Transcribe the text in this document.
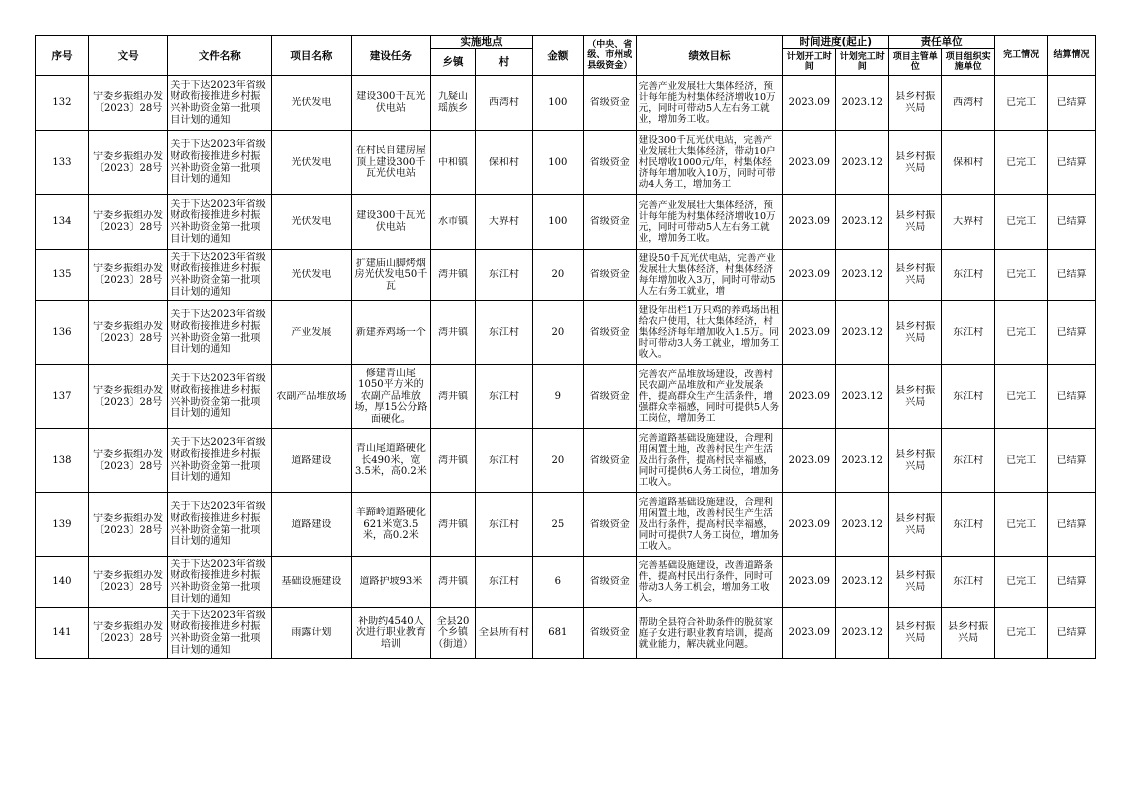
序号	文号	文件名称	项目名称	建设任务	实施地点		金额	（中央、省级、市州或县级资金）	绩效目标	时间进度(起止)		责任单位		完工情况	结算情况
					乡镇	村				计划开工时间	计划完工时间	项目主管单位	项目组织实施单位		

132	宁委乡振组办发〔2023〕28号	关于下达2023年省级财政衔接推进乡村振兴补助资金第一批项目计划的通知	光伏发电	建设300千瓦光伏电站	九疑山瑶族乡	西湾村	100	省级资金	完善产业发展壮大集体经济，预计每年能为村集体经济增收10万元，同时可带动5人左右务工就业，增加务工收。	2023.09	2023.12	县乡村振兴局	西湾村	已完工	已结算

133	宁委乡振组办发〔2023〕28号	关于下达2023年省级财政衔接推进乡村振兴补助资金第一批项目计划的通知	光伏发电	在村民自建房屋顶上建设300千瓦光伏电站	中和镇	保和村	100	省级资金	建设300千瓦光伏电站，完善产业发展壮大集体经济，带动10户村民增收1000元/年，村集体经济每年增加收入10万，同时可带动4人务工，增加务工	2023.09	2023.12	县乡村振兴局	保和村	已完工	已结算

134	宁委乡振组办发〔2023〕28号	关于下达2023年省级财政衔接推进乡村振兴补助资金第一批项目计划的通知	光伏发电	建设300千瓦光伏电站	水市镇	大界村	100	省级资金	完善产业发展壮大集体经济，预计每年能为村集体经济增收10万元，同时可带动5人左右务工就业，增加务工收。	2023.09	2023.12	县乡村振兴局	大界村	已完工	已结算

135	宁委乡振组办发〔2023〕28号	关于下达2023年省级财政衔接推进乡村振兴补助资金第一批项目计划的通知	光伏发电	扩建庙山脚烤烟房光伏发电50千瓦	湾井镇	东江村	20	省级资金	建设50千瓦光伏电站，完善产业发展壮大集体经济，村集体经济每年增加收入3万，同时可带动5人左右务工就业，增	2023.09	2023.12	县乡村振兴局	东江村	已完工	已结算

136	宁委乡振组办发〔2023〕28号	关于下达2023年省级财政衔接推进乡村振兴补助资金第一批项目计划的通知	产业发展	新建养鸡场一个	湾井镇	东江村	20	省级资金	建设年出栏1万只鸡的养鸡场出租给农户使用，壮大集体经济，村集体经济每年增加收入1.5万。同时可带动3人务工就业，增加务工收入。	2023.09	2023.12	县乡村振兴局	东江村	已完工	已结算

137	宁委乡振组办发〔2023〕28号	关于下达2023年省级财政衔接推进乡村振兴补助资金第一批项目计划的通知	农副产品堆放场	修建青山尾1050平方米的农副产品堆放场，厚15公分路面硬化。	湾井镇	东江村	9	省级资金	完善农产品堆放场建设，改善村民农副产品堆放和产业发展条件，提高群众生产生活条件，增强群众幸福感，同时可提供5人务工岗位，增加务工	2023.09	2023.12	县乡村振兴局	东江村	已完工	已结算

138	宁委乡振组办发〔2023〕28号	关于下达2023年省级财政衔接推进乡村振兴补助资金第一批项目计划的通知	道路建设	青山尾道路硬化长490米，宽3.5米，高0.2米	湾井镇	东江村	20	省级资金	完善道路基础设施建设，合理利用闲置土地，改善村民生产生活及出行条件，提高村民幸福感，同时可提供6人务工岗位，增加务工收入。	2023.09	2023.12	县乡村振兴局	东江村	已完工	已结算

139	宁委乡振组办发〔2023〕28号	关于下达2023年省级财政衔接推进乡村振兴补助资金第一批项目计划的通知	道路建设	羊蹄岭道路硬化621米宽3.5米，高0.2米	湾井镇	东江村	25	省级资金	完善道路基础设施建设，合理利用闲置土地，改善村民生产生活及出行条件，提高村民幸福感，同时可提供7人务工岗位，增加务工收入。	2023.09	2023.12	县乡村振兴局	东江村	已完工	已结算

140	宁委乡振组办发〔2023〕28号	关于下达2023年省级财政衔接推进乡村振兴补助资金第一批项目计划的通知	基础设施建设	道路护坡93米	湾井镇	东江村	6	省级资金	完善基础设施建设，改善道路条件，提高村民出行条件，同时可带动3人务工机会，增加务工收入。	2023.09	2023.12	县乡村振兴局	东江村	已完工	已结算

141	宁委乡振组办发〔2023〕28号	关于下达2023年省级财政衔接推进乡村振兴补助资金第一批项目计划的通知	雨露计划	补助约4540人次进行职业教育培训	全县20个乡镇（街道）	全县所有村	681	省级资金	帮助全县符合补助条件的脱贫家庭子女进行职业教育培训，提高就业能力，解决就业问题。	2023.09	2023.12	县乡村振兴局	县乡村振兴局	已完工	已结算
